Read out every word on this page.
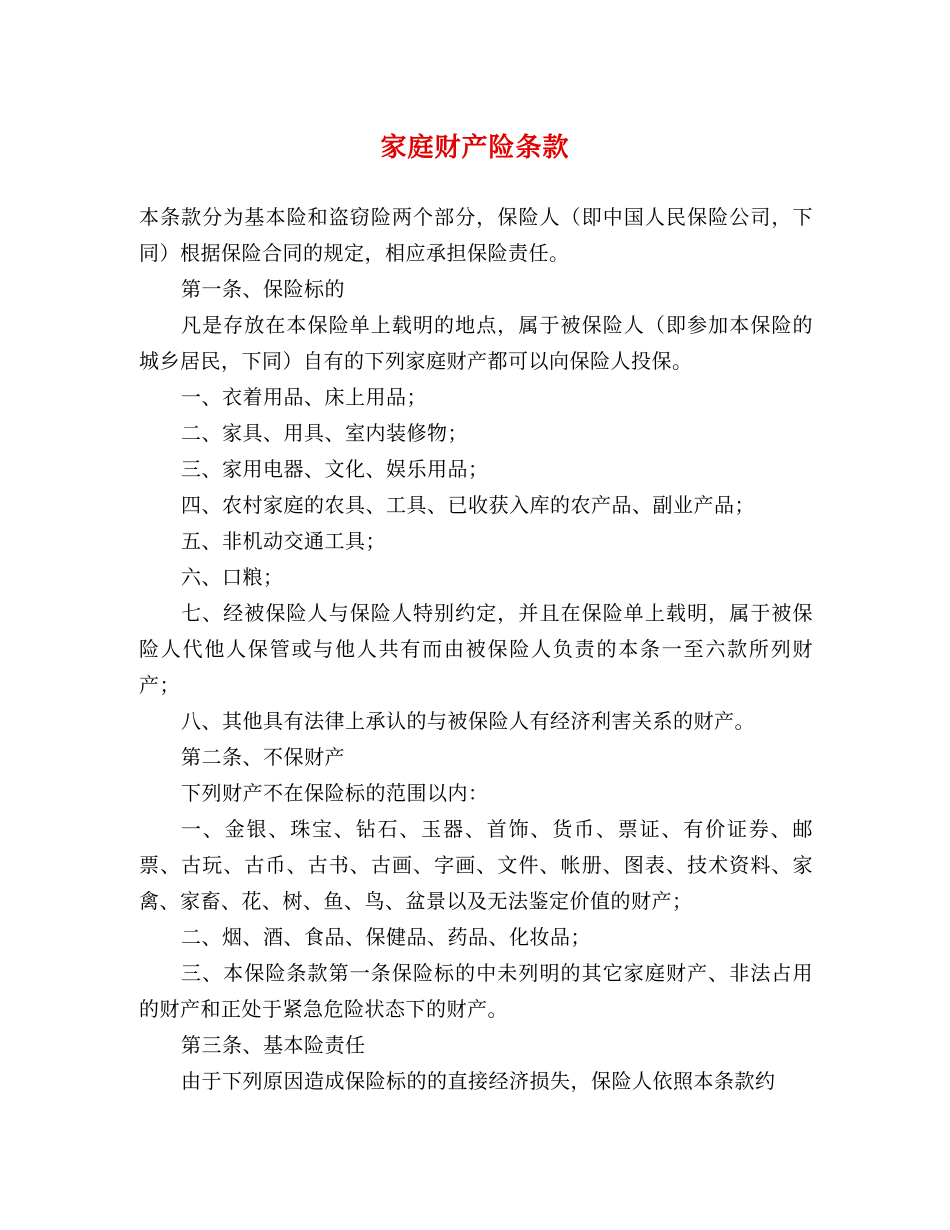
家庭财产险条款

本条款分为基本险和盗窃险两个部分，保险人（即中国人民保险公司，下同）根据保险合同的规定，相应承担保险责任。

第一条、保险标的

凡是存放在本保险单上载明的地点，属于被保险人（即参加本保险的城乡居民，下同）自有的下列家庭财产都可以向保险人投保。

一、衣着用品、床上用品；

二、家具、用具、室内装修物；

三、家用电器、文化、娱乐用品；

四、农村家庭的农具、工具、已收获入库的农产品、副业产品；

五、非机动交通工具；

六、口粮；

七、经被保险人与保险人特别约定，并且在保险单上载明，属于被保险人代他人保管或与他人共有而由被保险人负责的本条一至六款所列财产；

八、其他具有法律上承认的与被保险人有经济利害关系的财产。

第二条、不保财产

下列财产不在保险标的范围以内：

一、金银、珠宝、钻石、玉器、首饰、货币、票证、有价证券、邮票、古玩、古币、古书、古画、字画、文件、帐册、图表、技术资料、家禽、家畜、花、树、鱼、鸟、盆景以及无法鉴定价值的财产；

二、烟、酒、食品、保健品、药品、化妆品；

三、本保险条款第一条保险标的中未列明的其它家庭财产、非法占用的财产和正处于紧急危险状态下的财产。

第三条、基本险责任

由于下列原因造成保险标的的直接经济损失，保险人依照本条款约
